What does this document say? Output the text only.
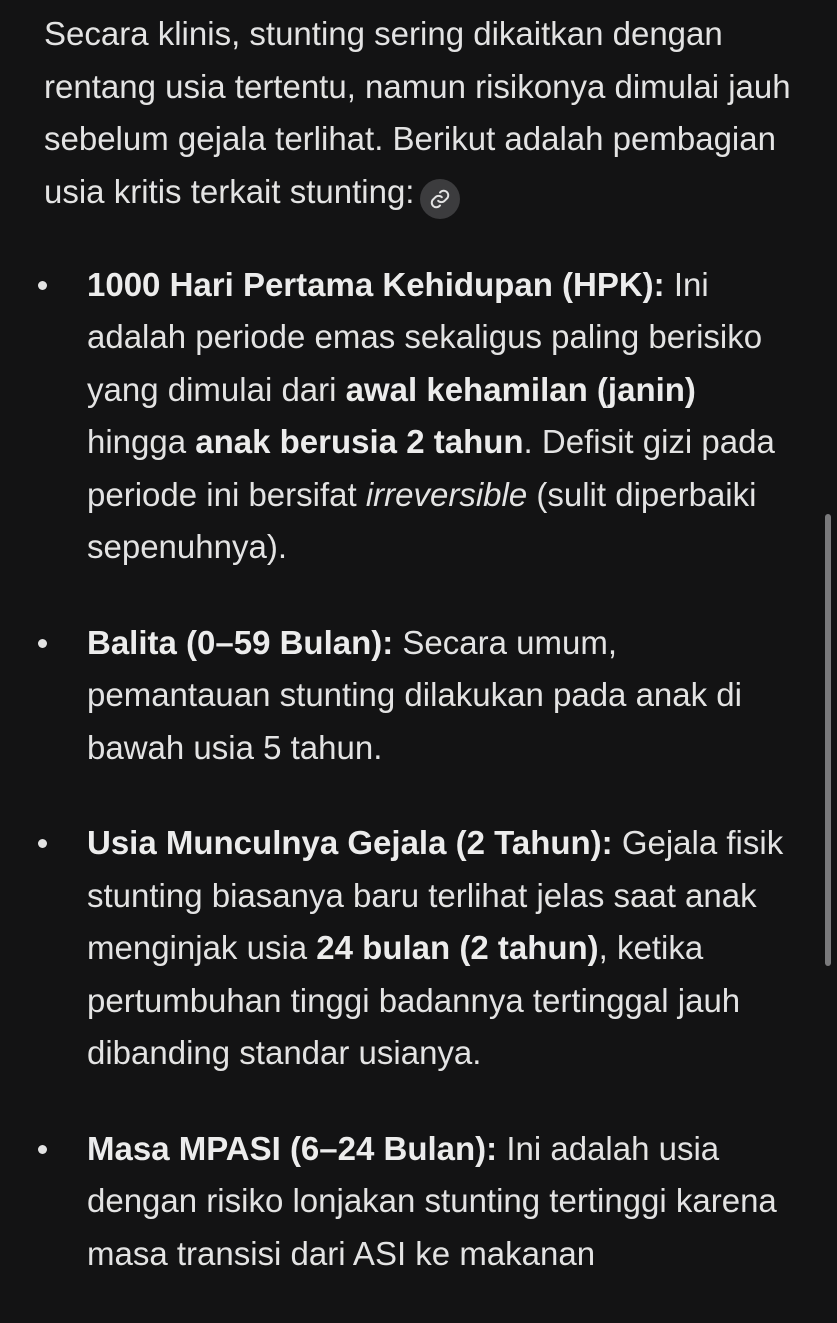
Secara klinis, stunting sering dikaitkan dengan rentang usia tertentu, namun risikonya dimulai jauh sebelum gejala terlihat. Berikut adalah pembagian usia kritis terkait stunting:

1000 Hari Pertama Kehidupan (HPK): Ini adalah periode emas sekaligus paling berisiko yang dimulai dari awal kehamilan (janin) hingga anak berusia 2 tahun. Defisit gizi pada periode ini bersifat irreversible (sulit diperbaiki sepenuhnya).
Balita (0–59 Bulan): Secara umum, pemantauan stunting dilakukan pada anak di bawah usia 5 tahun.
Usia Munculnya Gejala (2 Tahun): Gejala fisik stunting biasanya baru terlihat jelas saat anak menginjak usia 24 bulan (2 tahun), ketika pertumbuhan tinggi badannya tertinggal jauh dibanding standar usianya.
Masa MPASI (6–24 Bulan): Ini adalah usia dengan risiko lonjakan stunting tertinggi karena masa transisi dari ASI ke makanan
